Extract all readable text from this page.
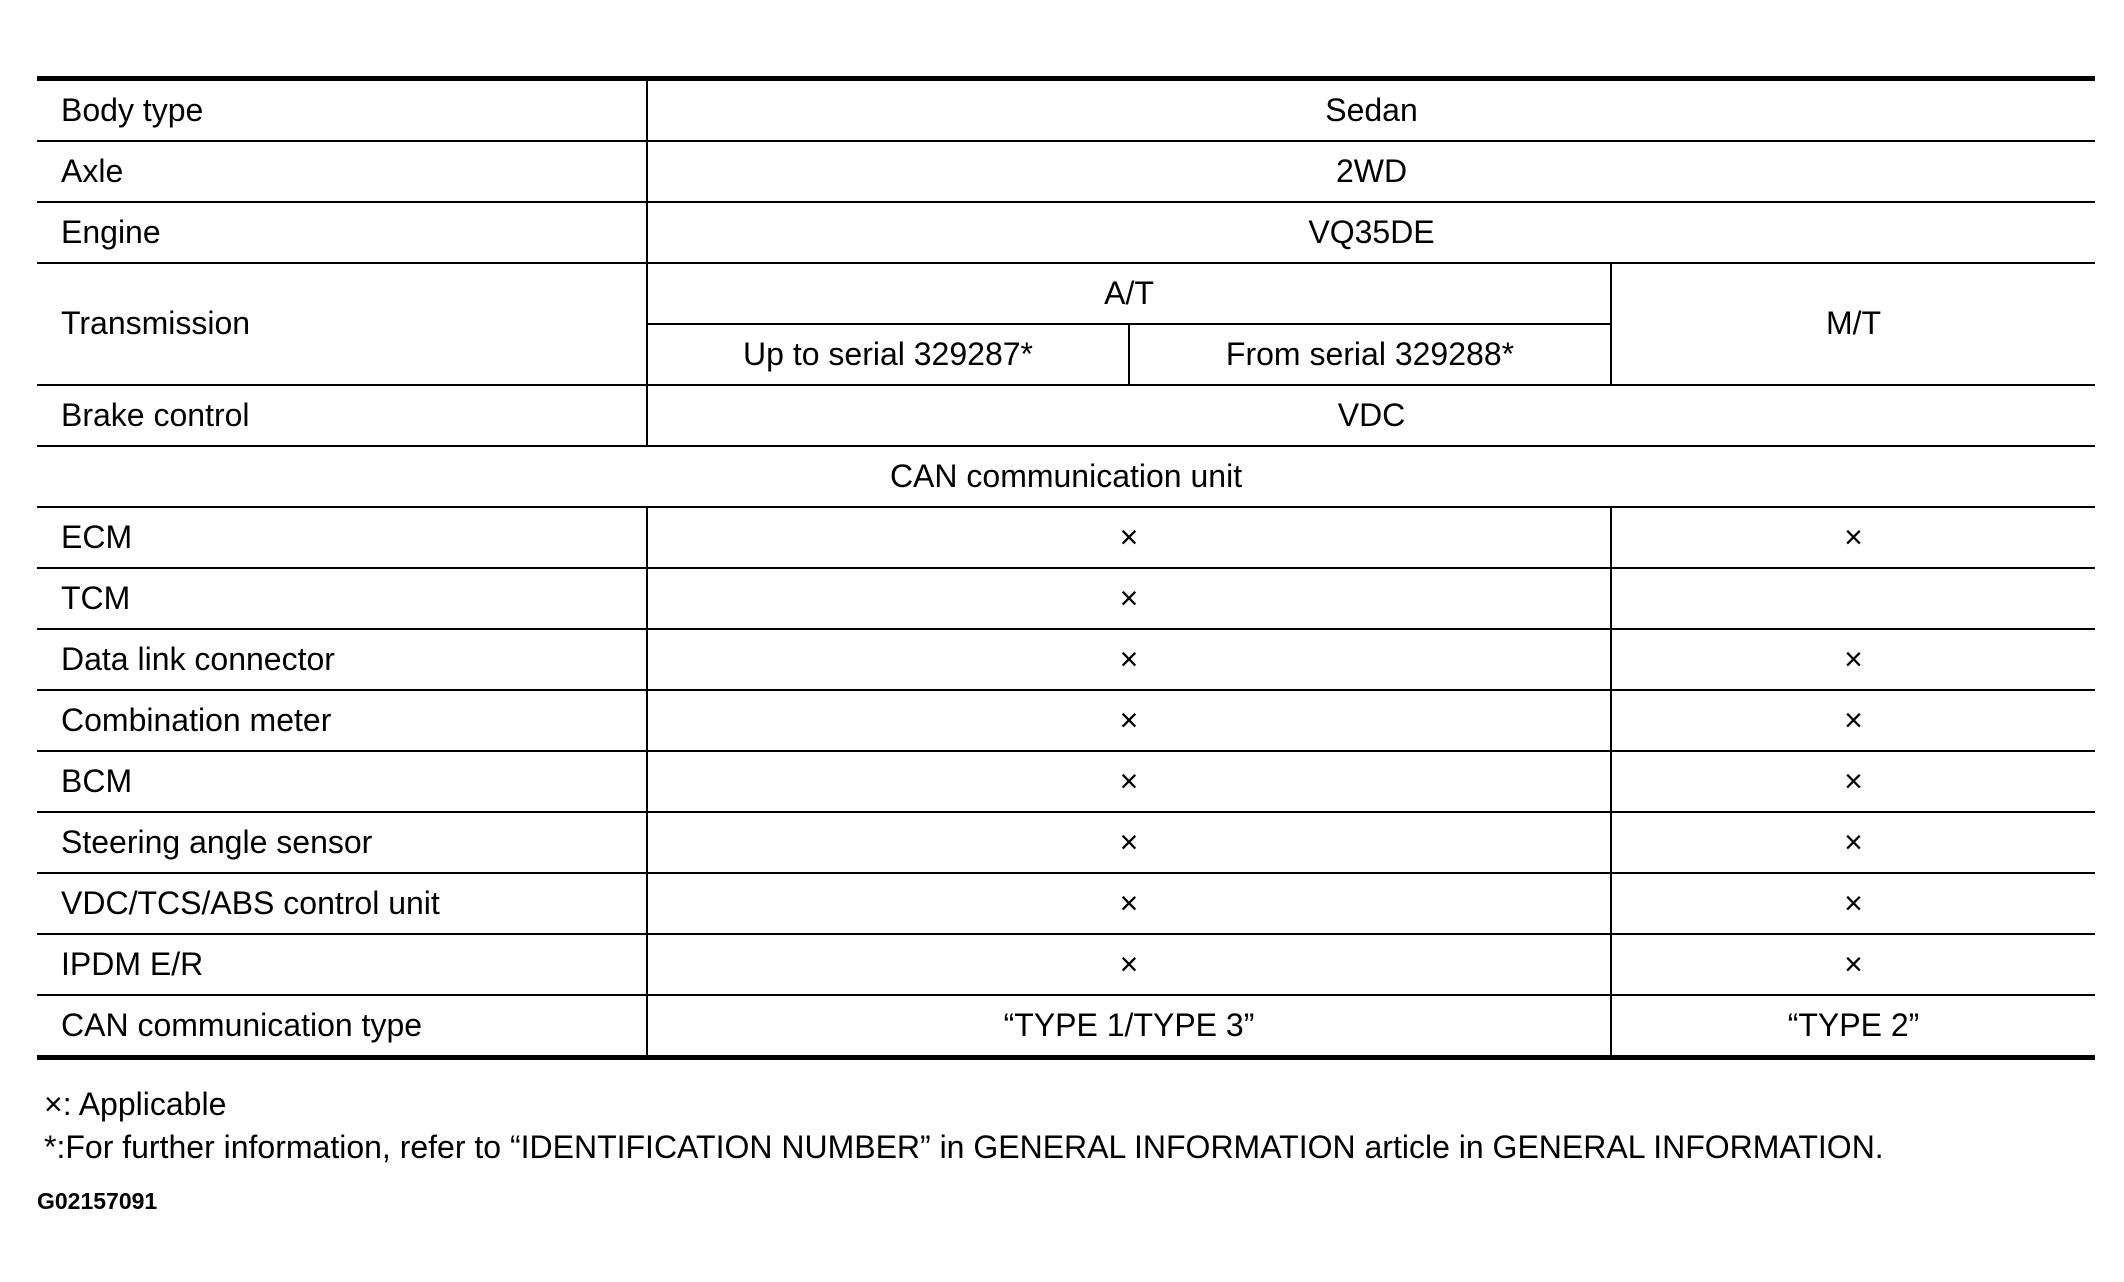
Body type	Sedan		
Axle	2WD		
Engine	VQ35DE		
Transmission	A/T		M/T
	Up to serial 329287*	From serial 329288*	
Brake control	VDC		
CAN communication unit			
ECM	×		×
TCM	×		
Data link connector	×		×
Combination meter	×		×
BCM	×		×
Steering angle sensor	×		×
VDC/TCS/ABS control unit	×		×
IPDM E/R	×		×
CAN communication type	“TYPE 1/TYPE 3”		“TYPE 2”
×: Applicable
*:For further information, refer to “IDENTIFICATION NUMBER” in GENERAL INFORMATION article in GENERAL INFORMATION.
G02157091
